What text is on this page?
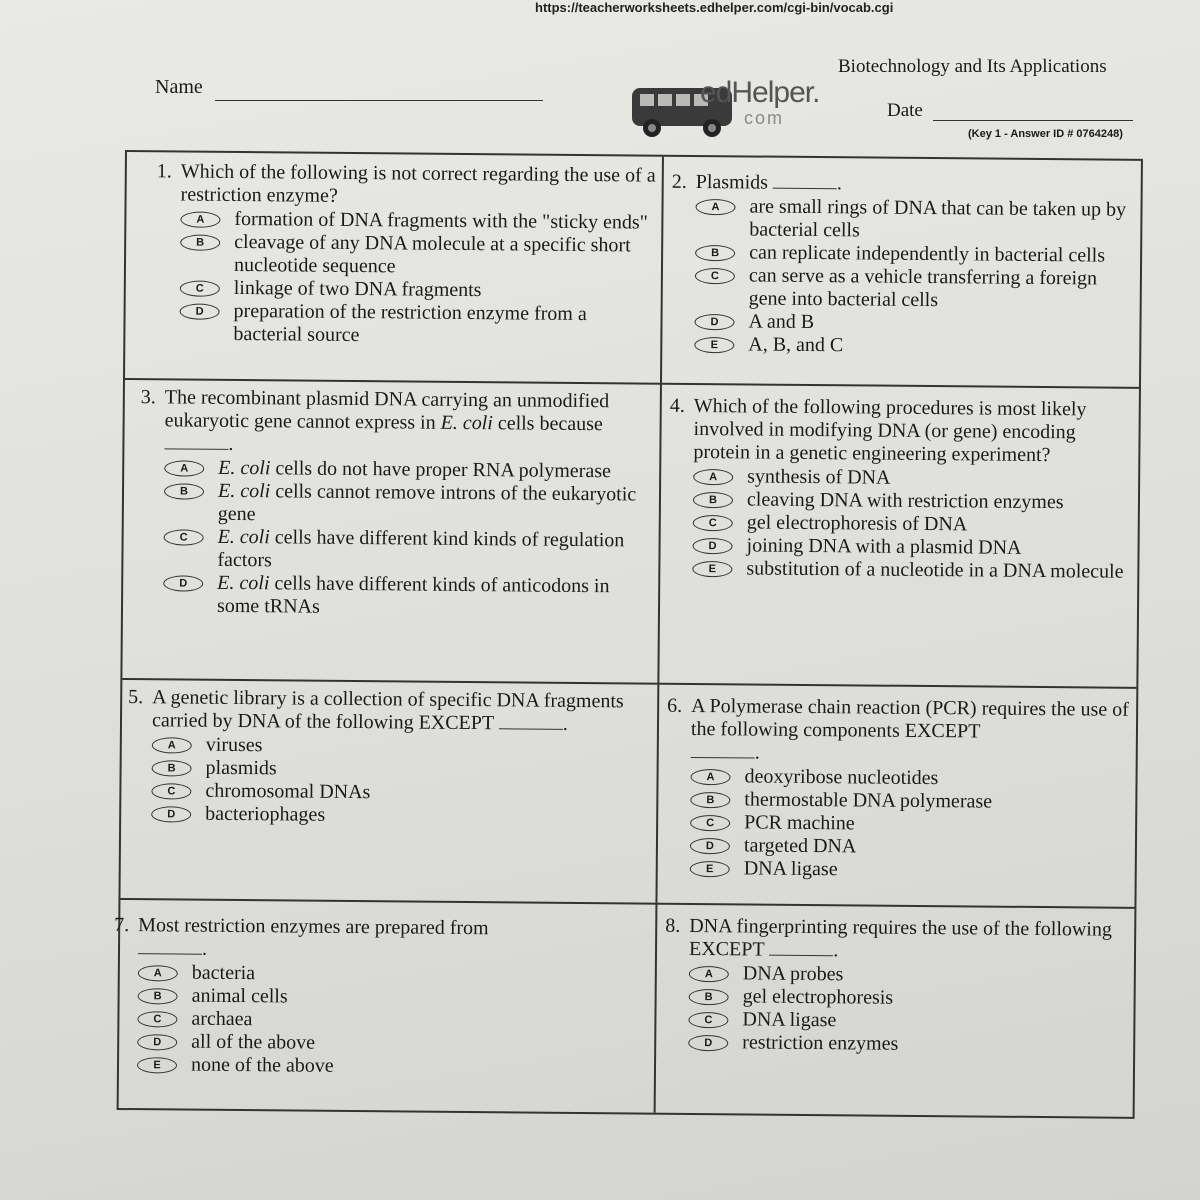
https://teacherworksheets.edhelper.com/cgi-bin/vocab.cgi
Name	edHelper.
com
Biotechnology and Its Applications
Date
(Key 1 - Answer ID # 0764248)
1. Which of the following is not correct regarding the use of a restriction enzyme?
A	formation of DNA fragments with the "sticky ends"
B	cleavage of any DNA molecule at a specific short nucleotide sequence
C	linkage of two DNA fragments
D	preparation of the restriction enzyme from a bacterial source
2. Plasmids	.
A	are small rings of DNA that can be taken up by bacterial cells
B	can replicate independently in bacterial cells
C	can serve as a vehicle transferring a foreign gene into bacterial cells
D	A and B
E	A, B, and C
3. The recombinant plasmid DNA carrying an unmodified eukaryotic gene cannot express in E. coli cells because .
A	E. coli cells do not have proper RNA polymerase
B	E. coli cells cannot remove introns of the eukaryotic gene
C	E. coli cells have different kind kinds of regulation factors
D	E. coli cells have different kinds of anticodons in some tRNAs
4. Which of the following procedures is most likely involved in modifying DNA (or gene) encoding protein in a genetic engineering experiment?
A	synthesis of DNA
B	cleaving DNA with restriction enzymes
C	gel electrophoresis of DNA
D	joining DNA with a plasmid DNA
E	substitution of a nucleotide in a DNA molecule
5. A genetic library is a collection of specific DNA fragments carried by DNA of the following EXCEPT	.
A	viruses
B	plasmids
C	chromosomal DNAs
D	bacteriophages
6. A Polymerase chain reaction (PCR) requires the use of the following components EXCEPT
.
A	deoxyribose nucleotides
B	thermostable DNA polymerase
C	PCR machine
D	targeted DNA
E	DNA ligase
7. Most restriction enzymes are prepared from
.
A	bacteria
B	animal cells
C	archaea
D	all of the above
E	none of the above
8. DNA fingerprinting requires the use of the following EXCEPT	.
A	DNA probes
B	gel electrophoresis
C	DNA ligase
D	restriction enzymes
